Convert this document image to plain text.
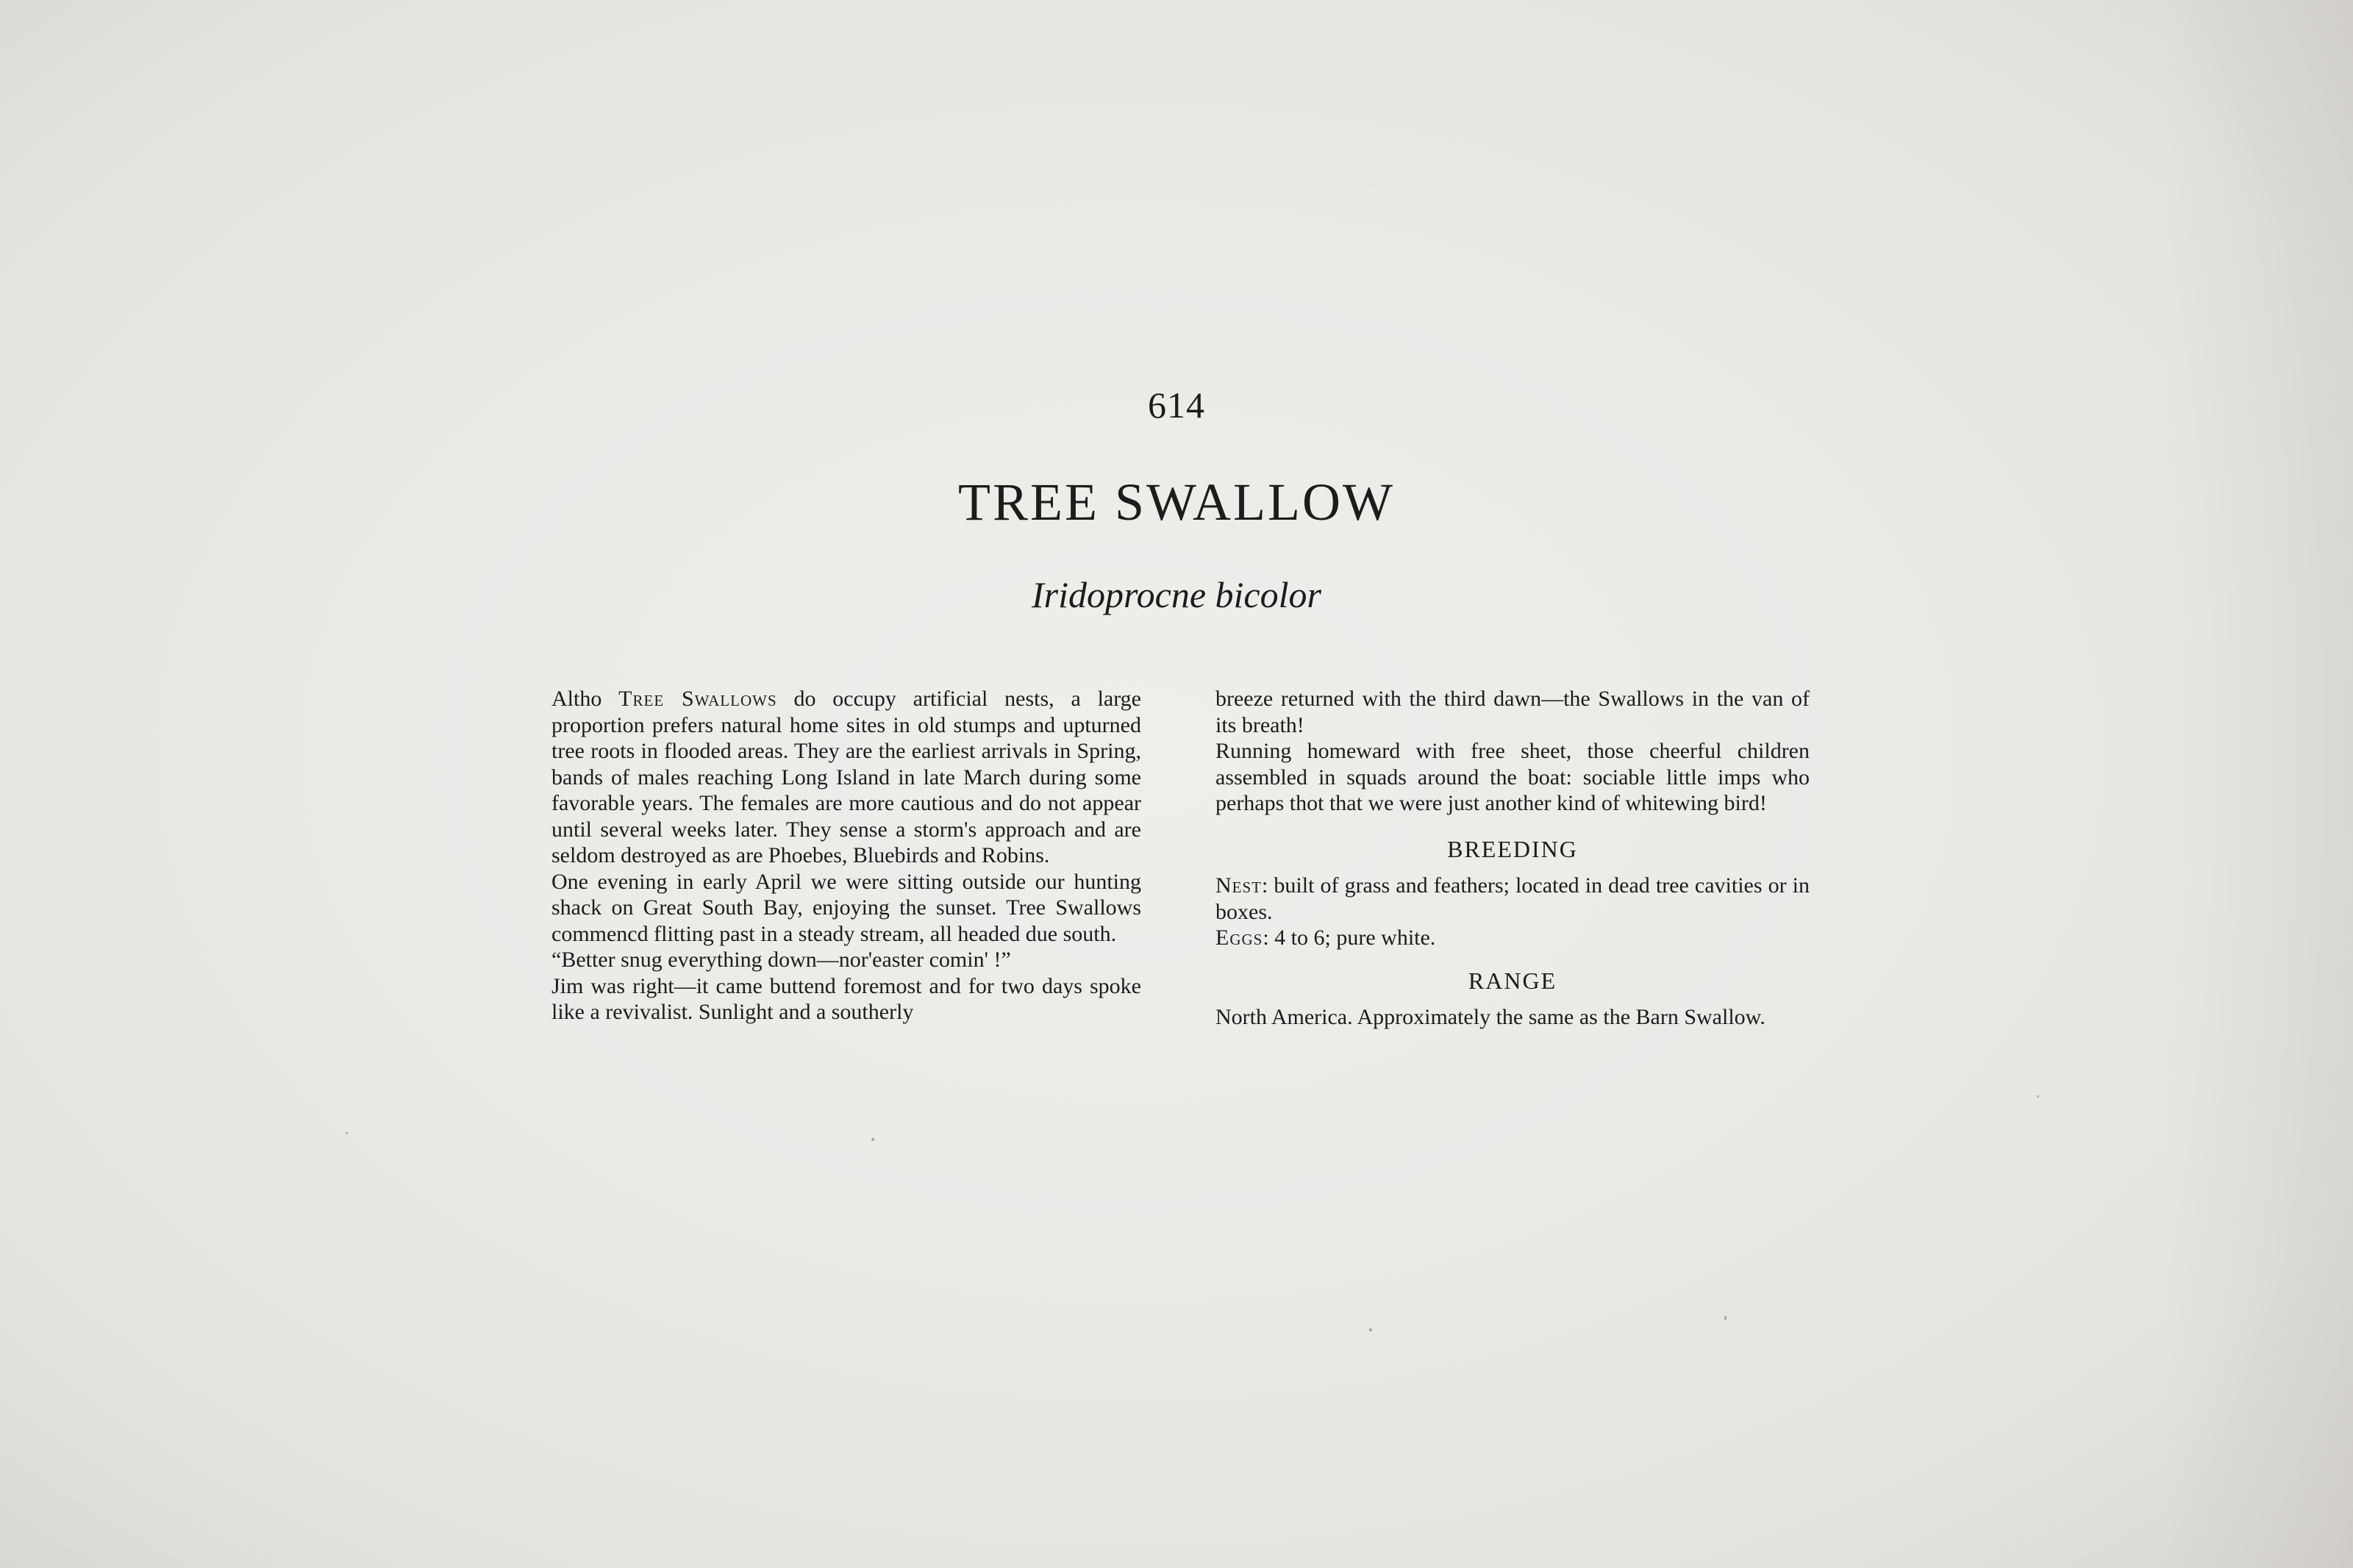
614
TREE SWALLOW
Iridoprocne bicolor

Altho Tree Swallows do occupy artificial nests, a large proportion prefers natural home sites in old stumps and upturned tree roots in flooded areas. They are the earliest arrivals in Spring, bands of males reaching Long Island in late March during some favorable years. The females are more cautious and do not appear until several weeks later. They sense a storm's approach and are seldom destroyed as are Phoebes, Bluebirds and Robins.

One evening in early April we were sitting outside our hunting shack on Great South Bay, enjoying the sunset. Tree Swallows commencd flitting past in a steady stream, all headed due south.

“Better snug everything down—nor'easter comin' !”

Jim was right—it came buttend foremost and for two days spoke like a revivalist. Sunlight and a southerly

breeze returned with the third dawn—the Swallows in the van of its breath!

Running homeward with free sheet, those cheerful children assembled in squads around the boat: sociable little imps who perhaps thot that we were just another kind of whitewing bird!

BREEDING

Nest: built of grass and feathers; located in dead tree cavities or in boxes.

Eggs: 4 to 6; pure white.

RANGE

North America. Approximately the same as the Barn Swallow.
